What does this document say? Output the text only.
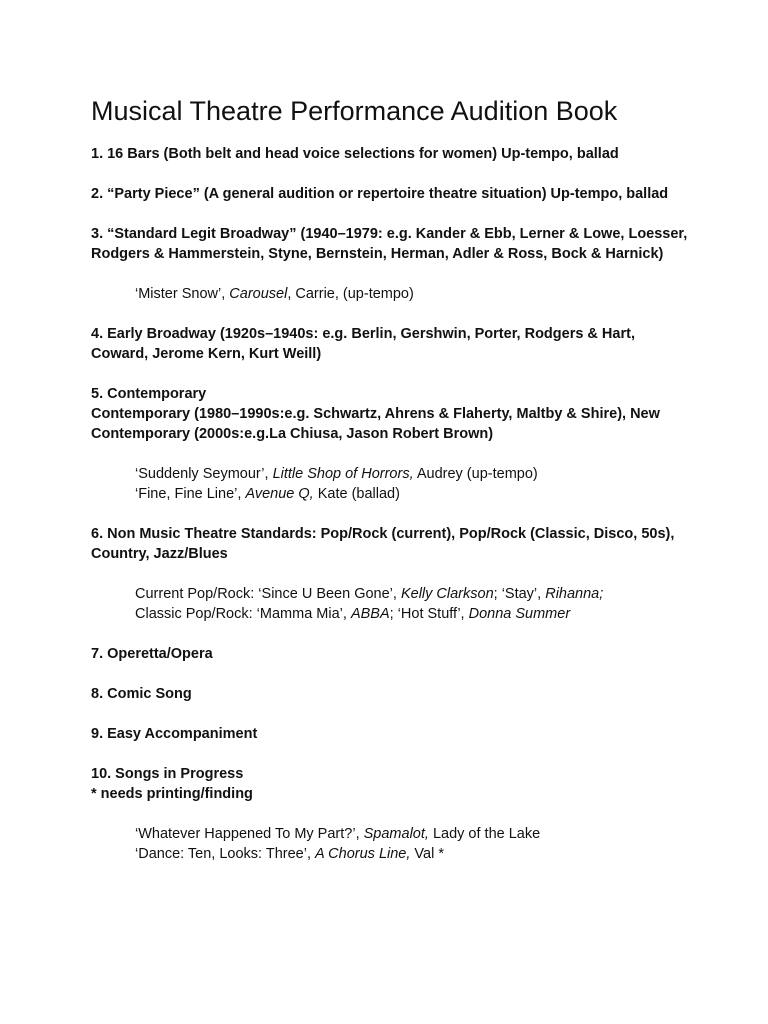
Musical Theatre Performance Audition Book

1. 16 Bars (Both belt and head voice selections for women) Up-tempo, ballad

2. “Party Piece” (A general audition or repertoire theatre situation) Up-tempo, ballad

3. “Standard Legit Broadway” (1940–1979: e.g. Kander & Ebb, Lerner & Lowe, Loesser, Rodgers & Hammerstein, Styne, Bernstein, Herman, Adler & Ross, Bock & Harnick)

‘Mister Snow’, Carousel, Carrie, (up-tempo)

4. Early Broadway (1920s–1940s: e.g. Berlin, Gershwin, Porter, Rodgers & Hart, Coward, Jerome Kern, Kurt Weill)

5. Contemporary

Contemporary (1980–1990s:e.g. Schwartz, Ahrens & Flaherty, Maltby & Shire), New Contemporary (2000s:e.g.La Chiusa, Jason Robert Brown)

‘Suddenly Seymour’, Little Shop of Horrors, Audrey (up-tempo)

‘Fine, Fine Line’, Avenue Q, Kate (ballad)

6. Non Music Theatre Standards: Pop/Rock (current), Pop/Rock (Classic, Disco, 50s), Country, Jazz/Blues

Current Pop/Rock: ‘Since U Been Gone’, Kelly Clarkson; ‘Stay’, Rihanna;

Classic Pop/Rock: ‘Mamma Mia’, ABBA; ‘Hot Stuff’, Donna Summer

7. Operetta/Opera

8. Comic Song

9. Easy Accompaniment

10. Songs in Progress

* needs printing/finding

‘Whatever Happened To My Part?’, Spamalot, Lady of the Lake

‘Dance: Ten, Looks: Three’, A Chorus Line, Val *
